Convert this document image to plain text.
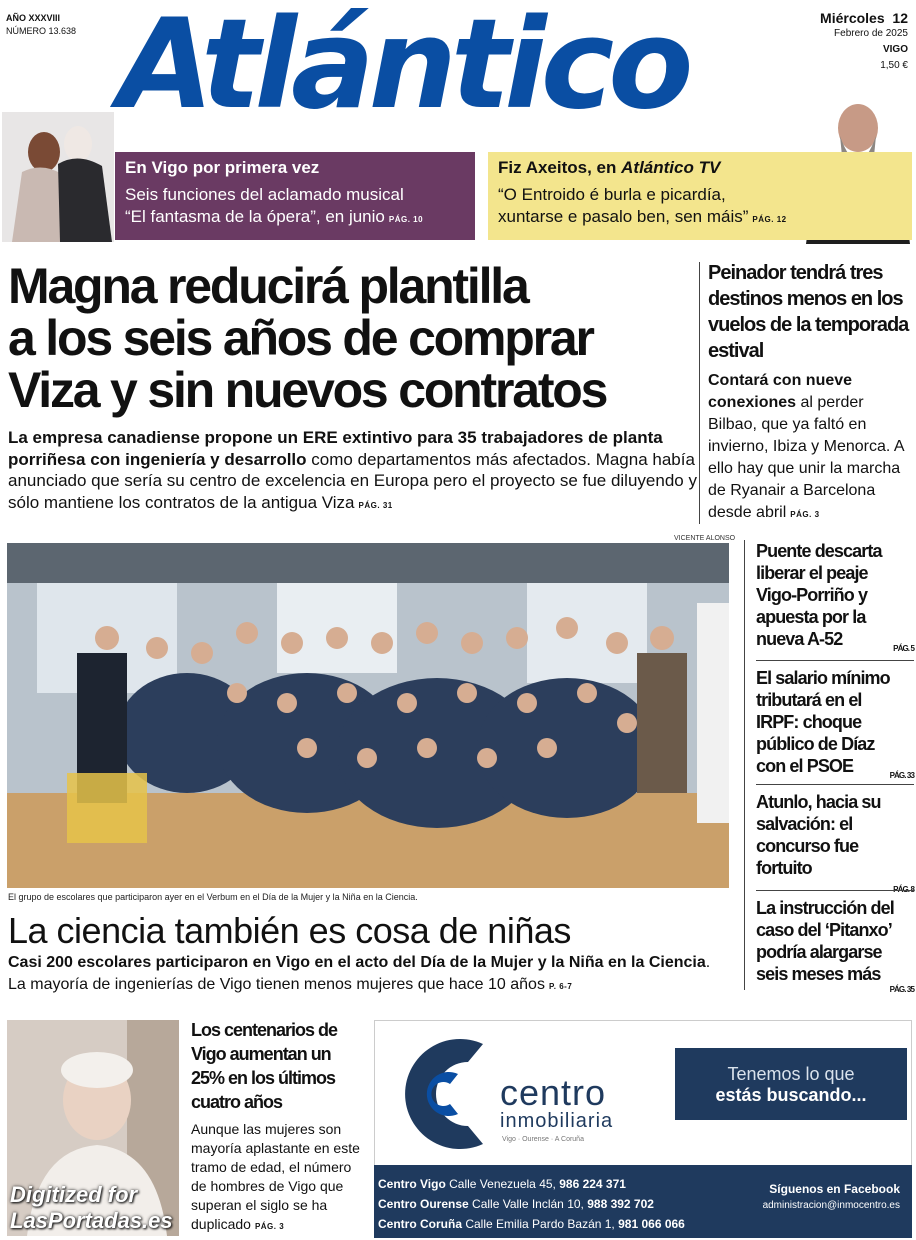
AÑO XXXVIII
NÚMERO 13.638 Atlántico	Miércoles 12
Febrero de 2025
VIGO
1,50 €
En Vigo por primera vez
Seis funciones del aclamado musical
“El fantasma de la ópera”, en junio PÁG. 10
Fiz Axeitos, en Atlántico TV
“O Entroido é burla e picardía,
xuntarse e pasalo ben, sen máis” PÁG. 12
Magna reducirá plantilla
a los seis años de comprar
Viza y sin nuevos contratos
La empresa canadiense propone un ERE extintivo para 35 trabajadores de planta porriñesa con ingeniería y desarrollo como departamentos más afectados. Magna había anunciado que sería su centro de excelencia en Europa pero el proyecto se fue diluyendo y sólo mantiene los contratos de la antigua Viza PÁG. 31
Peinador tendrá tres destinos menos en los vuelos de la temporada estival
Contará con nueve
conexiones al perder Bilbao, que ya faltó en invierno, Ibiza y Menorca. A ello hay que unir la marcha de Ryanair a Barcelona desde abril PÁG. 3
Puente descarta liberar el peaje Vigo-Porriño y apuesta por la nueva A-52	PÁG. 5
El salario mínimo tributará en el IRPF: choque público de Díaz con el PSOE	PÁG. 33
Atunlo, hacia su salvación: el concurso fue fortuito
La instrucción del caso del ‘Pitanxo’ podría alargarse seis meses más
PÁG. 35
VICENTE ALONSO
El grupo de escolares que participaron ayer en el Verbum en el Día de la Mujer y la Niña en la Ciencia.
La ciencia también es cosa de niñas
Casi 200 escolares participaron en Vigo en el acto del Día de la Mujer y la Niña en la Ciencia. La mayoría de ingenierías de Vigo tienen menos mujeres que hace 10 años P. 6-7
Digitized for
LasPortadas.es
Los centenarios de Vigo aumentan un 25% en los últimos cuatro años
Aunque las mujeres son mayoría aplastante en este tramo de edad, el número de hombres de Vigo que superan el siglo se ha duplicado PÁG. 3
centro
inmobiliaria
Vigo · Ourense · A Coruña
Tenemos lo que
estás buscando...
Centro Vigo Calle Venezuela 45, 986 224 371
Centro Ourense Calle Valle Inclán 10, 988 392 702
Centro Coruña Calle Emilia Pardo Bazán 1, 981 066 066
Síguenos en Facebook
administracion@inmocentro.es
